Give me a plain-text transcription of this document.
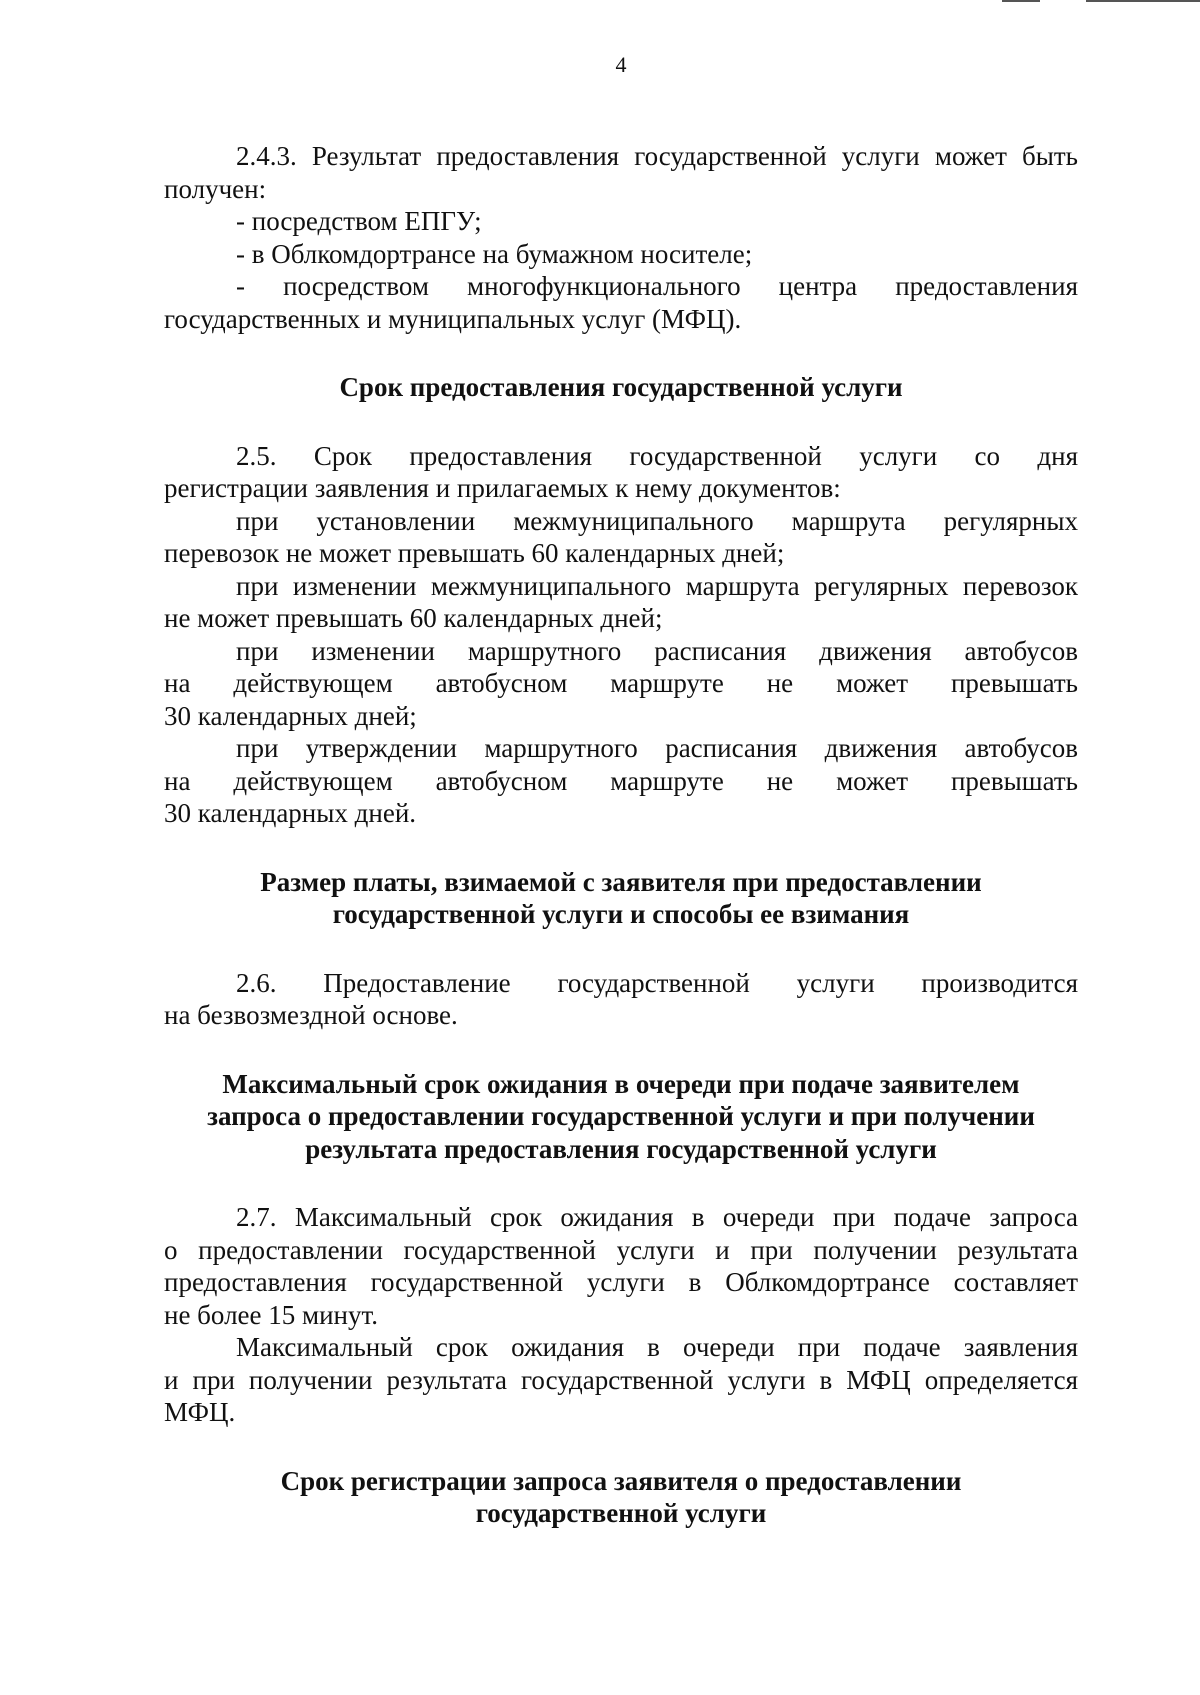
4
2.4.3. Результат предоставления государственной услуги может быть
получен:
- посредством ЕПГУ;
- в Облкомдортрансе на бумажном носителе;
- посредством многофункционального центра предоставления
государственных и муниципальных услуг (МФЦ).
Срок предоставления государственной услуги
2.5. Срок предоставления государственной услуги со дня
регистрации заявления и прилагаемых к нему документов:
при установлении межмуниципального маршрута регулярных
перевозок не может превышать 60 календарных дней;
при изменении межмуниципального маршрута регулярных перевозок
не может превышать 60 календарных дней;
при изменении маршрутного расписания движения автобусов
на действующем автобусном маршруте не может превышать
30 календарных дней;
при утверждении маршрутного расписания движения автобусов
на действующем автобусном маршруте не может превышать
30 календарных дней.
Размер платы, взимаемой с заявителя при предоставлении
государственной услуги и способы ее взимания
2.6. Предоставление государственной услуги производится
на безвозмездной основе.
Максимальный срок ожидания в очереди при подаче заявителем
запроса о предоставлении государственной услуги и при получении
результата предоставления государственной услуги
2.7. Максимальный срок ожидания в очереди при подаче запроса
о предоставлении государственной услуги и при получении результата
предоставления государственной услуги в Облкомдортрансе составляет
не более 15 минут.
Максимальный срок ожидания в очереди при подаче заявления
и при получении результата государственной услуги в МФЦ определяется
МФЦ.
Срок регистрации запроса заявителя о предоставлении
государственной услуги
